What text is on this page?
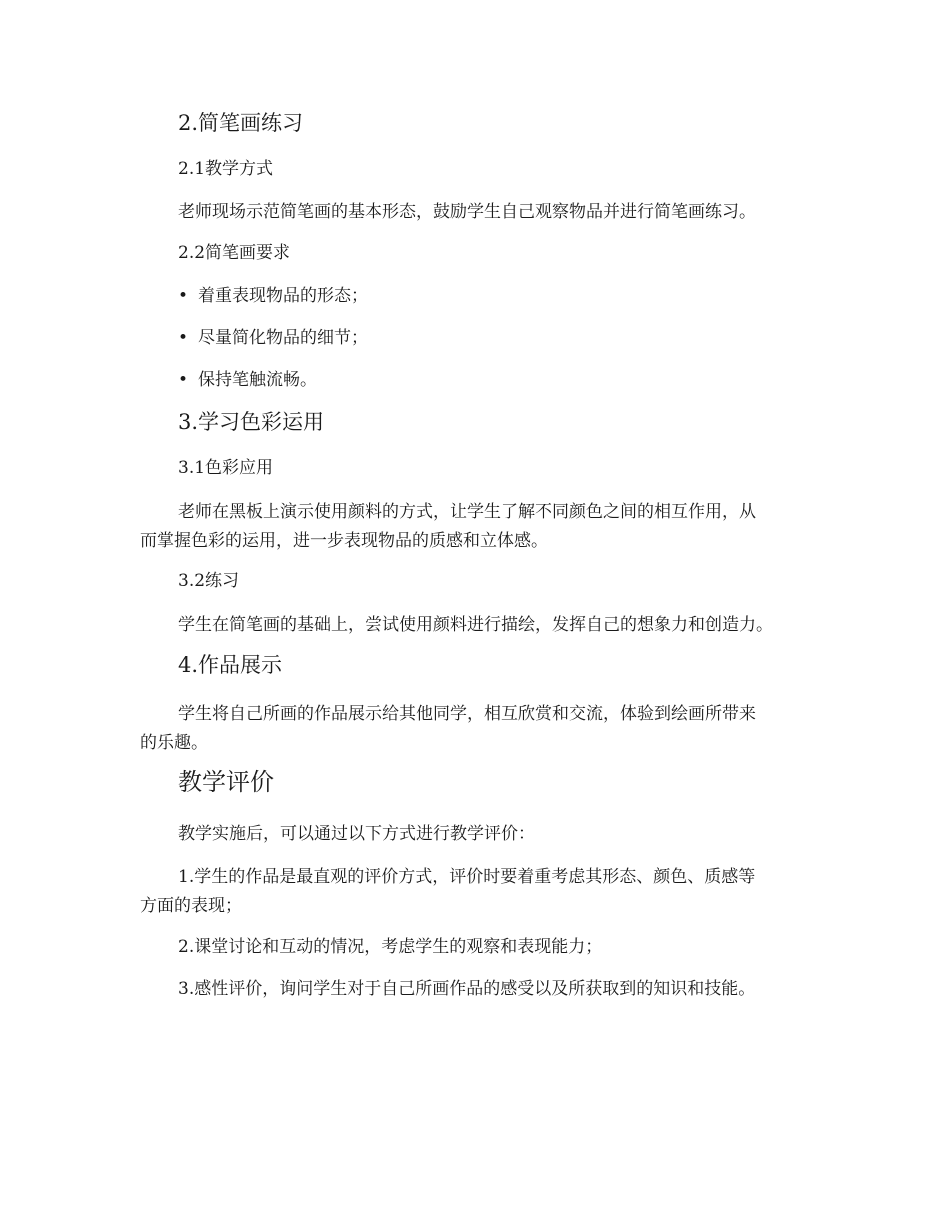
2.简笔画练习
2.1教学方式
老师现场示范简笔画的基本形态，鼓励学生自己观察物品并进行简笔画练习。
2.2简笔画要求
• 着重表现物品的形态；
• 尽量简化物品的细节；
• 保持笔触流畅。
3.学习色彩运用
3.1色彩应用
老师在黑板上演示使用颜料的方式，让学生了解不同颜色之间的相互作用，从
而掌握色彩的运用，进一步表现物品的质感和立体感。
3.2练习
学生在简笔画的基础上，尝试使用颜料进行描绘，发挥自己的想象力和创造力。
4.作品展示
学生将自己所画的作品展示给其他同学，相互欣赏和交流，体验到绘画所带来
的乐趣。
教学评价
教学实施后，可以通过以下方式进行教学评价：
1.学生的作品是最直观的评价方式，评价时要着重考虑其形态、颜色、质感等
方面的表现；
2.课堂讨论和互动的情况，考虑学生的观察和表现能力；
3.感性评价，询问学生对于自己所画作品的感受以及所获取到的知识和技能。
